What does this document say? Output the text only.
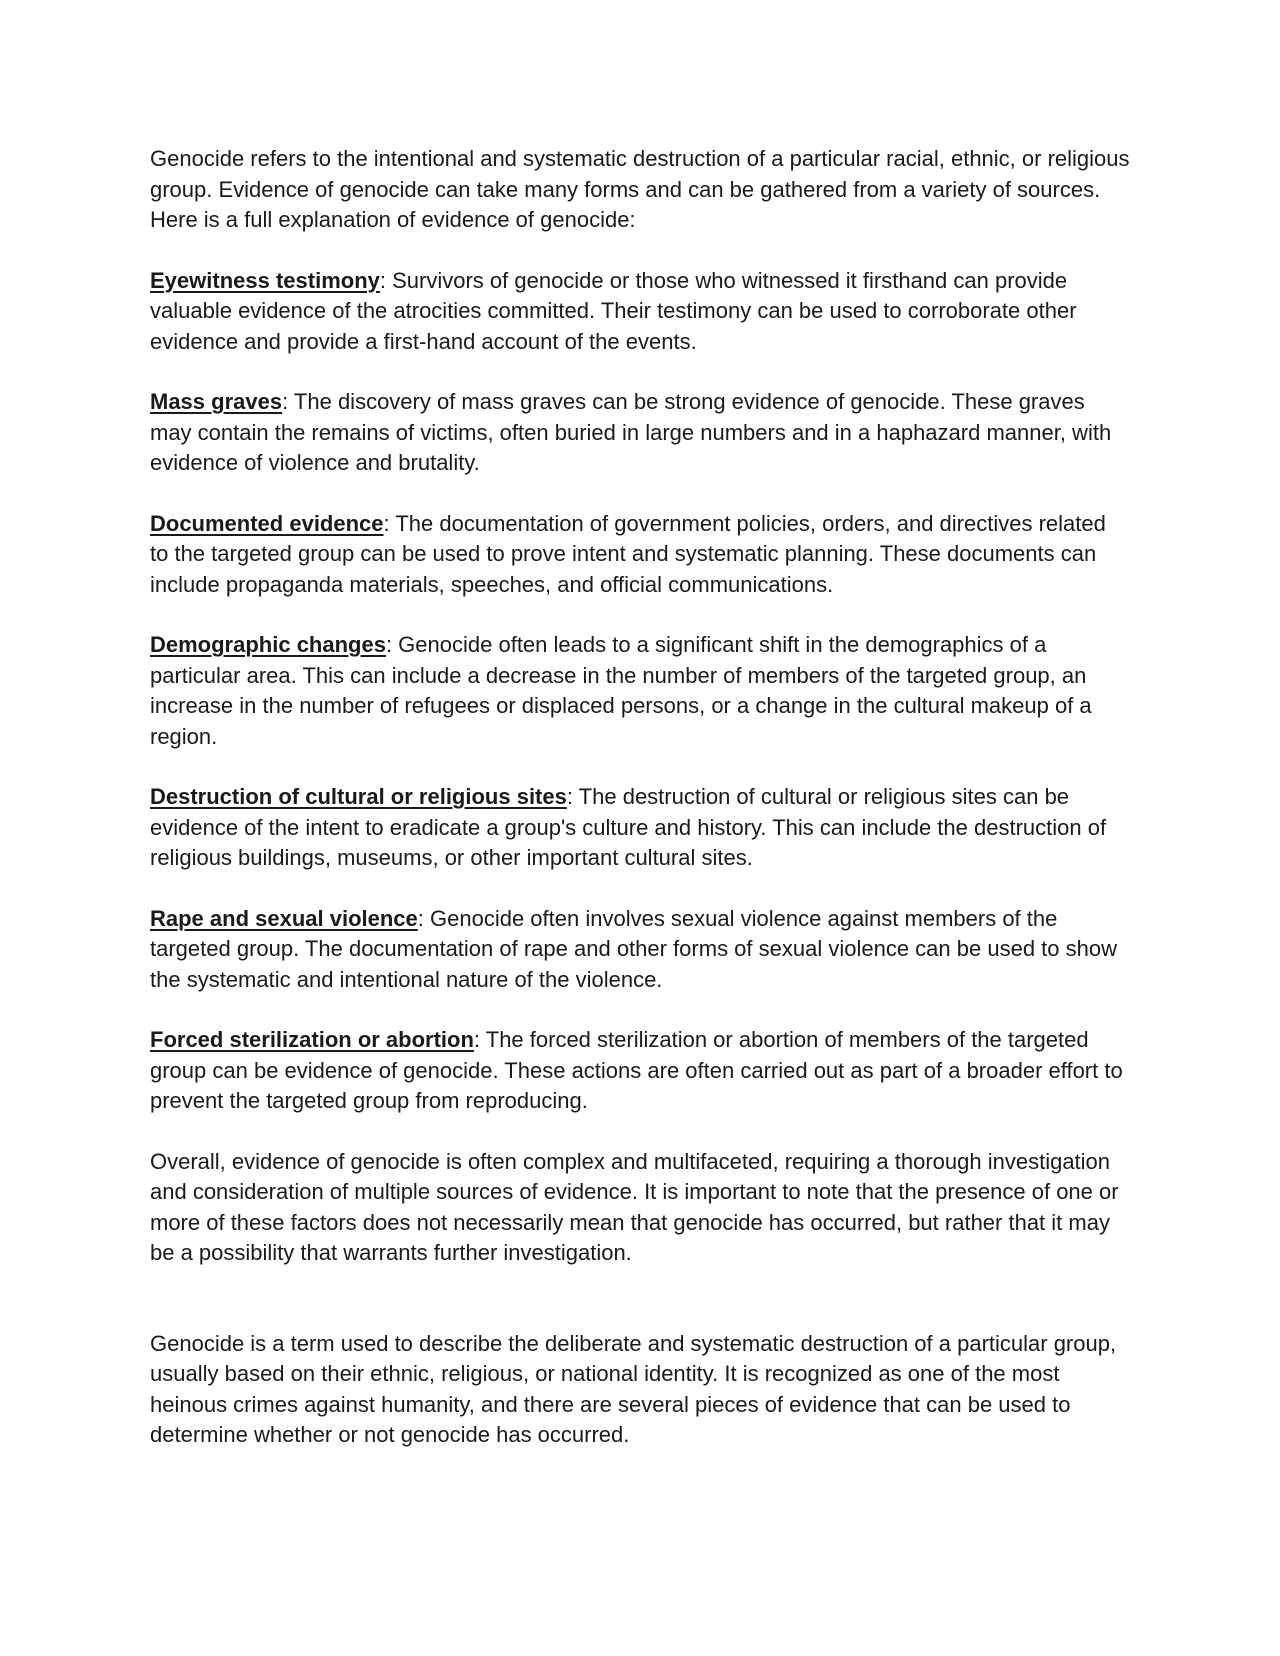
Genocide refers to the intentional and systematic destruction of a particular racial, ethnic, or religious group. Evidence of genocide can take many forms and can be gathered from a variety of sources. Here is a full explanation of evidence of genocide:

Eyewitness testimony: Survivors of genocide or those who witnessed it firsthand can provide valuable evidence of the atrocities committed. Their testimony can be used to corroborate other evidence and provide a first-hand account of the events.

Mass graves: The discovery of mass graves can be strong evidence of genocide. These graves may contain the remains of victims, often buried in large numbers and in a haphazard manner, with evidence of violence and brutality.

Documented evidence: The documentation of government policies, orders, and directives related to the targeted group can be used to prove intent and systematic planning. These documents can include propaganda materials, speeches, and official communications.

Demographic changes: Genocide often leads to a significant shift in the demographics of a particular area. This can include a decrease in the number of members of the targeted group, an increase in the number of refugees or displaced persons, or a change in the cultural makeup of a region.

Destruction of cultural or religious sites: The destruction of cultural or religious sites can be evidence of the intent to eradicate a group's culture and history. This can include the destruction of religious buildings, museums, or other important cultural sites.

Rape and sexual violence: Genocide often involves sexual violence against members of the targeted group. The documentation of rape and other forms of sexual violence can be used to show the systematic and intentional nature of the violence.

Forced sterilization or abortion: The forced sterilization or abortion of members of the targeted group can be evidence of genocide. These actions are often carried out as part of a broader effort to prevent the targeted group from reproducing.

Overall, evidence of genocide is often complex and multifaceted, requiring a thorough investigation and consideration of multiple sources of evidence. It is important to note that the presence of one or more of these factors does not necessarily mean that genocide has occurred, but rather that it may be a possibility that warrants further investigation.

Genocide is a term used to describe the deliberate and systematic destruction of a particular group, usually based on their ethnic, religious, or national identity. It is recognized as one of the most heinous crimes against humanity, and there are several pieces of evidence that can be used to determine whether or not genocide has occurred.
